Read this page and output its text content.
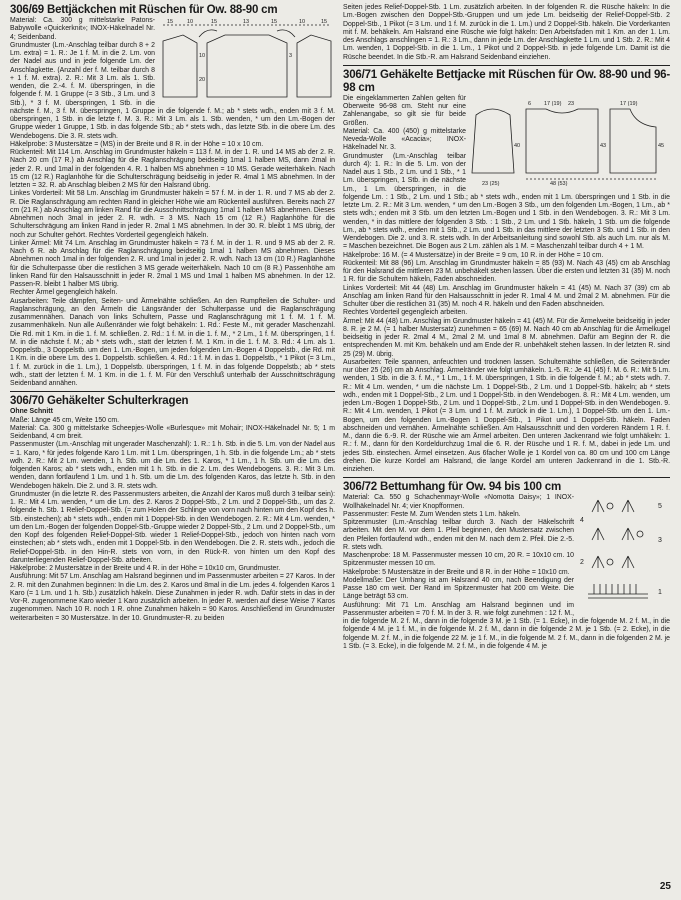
306/69 Bettjäckchen mit Rüschen für Ow. 88-90 cm

15	10	15	13	15	10	15
10
20
3

Material: Ca. 300 g mittelstarke Patons-Babywolle «Quickerknit»; INOX-Häkelnadel Nr. 4; Seidenband.

Grundmuster (Lm.-Anschlag teilbar durch 8 + 2 Lm. extra) = 1. R.: Je 1 f. M. in die 2. Lm. von der Nadel aus und in jede folgende Lm. der Anschlagkette. (Anzahl der f. M. teilbar durch 8 + 1 f. M. extra). 2. R.: Mit 3 Lm. als 1. Stb. wenden, die 2.-4. f. M. überspringen, in die folgende f. M. 1 Gruppe (= 3 Stb., 3 Lm. und 3 Stb.), * 3 f. M. überspringen, 1 Stb. in die nächste f. M., 3 f. M. überspringen, 1 Gruppe in die folgende f. M.; ab * stets wdh., enden mit 3 f. M. überspringen, 1 Stb. in die letzte f. M. 3. R.: Mit 3 Lm. als 1. Stb. wenden, * um den Lm.-Bogen der Gruppe wieder 1 Gruppe, 1 Stb. in das folgende Stb.; ab * stets wdh., das letzte Stb. in die obere Lm. des Wendebogens. Die 3. R. stets wdh.

Häkelprobe: 3 Mustersätze = (MS) in der Breite und 8 R. in der Höhe = 10 x 10 cm.

Rückenteil: Mit 114 Lm. Anschlag im Grundmuster häkeln = 113 f. M. in der 1. R. und 14 MS ab der 2. R. Nach 20 cm (17 R.) ab Anschlag für die Raglanschrägung beidseitig 1mal 1 halben MS, dann 2mal in jeder 2. R. und 1mal in der folgenden 4. R. 1 halben MS abnehmen = 10 MS. Gerade weiterhäkeln. Nach 15 cm (12 R.) Raglanhöhe für die Schulterschrägung beidseitig in jeder R. 4mal 1 MS abnehmen. In der letzten = 32. R. ab Anschlag bleiben 2 MS für den Halsrand übrig.

Linkes Vorderteil: Mit 58 Lm. Anschlag im Grundmuster häkeln = 57 f. M. in der 1. R. und 7 MS ab der 2. R. Die Raglanschrägung am rechten Rand in gleicher Höhe wie am Rückenteil ausführen. Bereits nach 27 cm (21 R.) ab Anschlag am linken Rand für die Ausschnittschrägung 1mal 1 halben MS abnehmen. Dieses Abnehmen noch 3mal in jeder 2. R. wdh. = 3 MS. Nach 15 cm (12 R.) Raglanhöhe für die Schulterschrägung am linken Rand in jeder R. 2mal 1 MS abnehmen. In der 30. R. bleibt 1 MS übrig, der noch zur Schulter gehört. Rechtes Vorderteil gegengleich häkeln.

Linker Ärmel: Mit 74 Lm. Anschlag im Grundmuster häkeln = 73 f. M. in der 1. R. und 9 MS ab der 2. R. Nach 6 R. ab Anschlag für die Raglanschrägung beidseitig 1mal 1 halben MS abnehmen. Dieses Abnehmen noch 1mal in der folgenden 2. R. und 1mal in jeder 2. R. wdh. Nach 13 cm (10 R.) Raglanhöhe für die Schulterpasse über die restlichen 3 MS gerade weiterhäkeln. Nach 10 cm (8 R.) Passenhöhe am linken Rand für den Halsausschnitt in jeder R. 2mal 1 MS und 1mal 1 halben MS abnehmen. In der 12. Passen-R. bleibt 1 halber MS übrig.

Rechter Ärmel gegengleich häkeln.

Ausarbeiten: Teile dämpfen, Seiten- und Ärmelnähte schließen. An den Rumpfteilen die Schulter- und Raglanschrägung, an den Ärmeln die Längsränder der Schulterpasse und die Raglanschrägung zusammennähen. Danach von links Schultern, Passe und Raglanschrägung mit 1 f. M. 1 f. M. zusammenhäkeln. Nun alle Außenränder wie folgt behäkeln: 1. Rd.: Feste M., mit gerader Maschenzahl. Die Rd. mit 1 Km. in die 1. f. M. schließen. 2. Rd.: 1 f. M. in die 1. f. M., * 2 Lm., 1 f. M. überspringen, 1 f. M. in die nächste f. M.; ab * stets wdh., statt der letzten f. M. 1 Km. in die 1. f. M. 3. Rd.: 4 Lm. als 1. Doppelstb., 3 Doppelstb. um den 1. Lm.-Bogen, um jeden folgenden Lm.-Bogen 4 Doppelstb., die Rd. mit 1 Km. in die obere Lm. des 1. Doppelstb. schließen. 4. Rd.: 1 f. M. in das 1. Doppelstb., * 1 Pikot (= 3 Lm., 1 f. M. zurück in die 1. Lm.), 1 Doppelstb. überspringen, 1 f. M. in das folgende Doppelstb.; ab * stets wdh., statt der letzten f. M. 1 Km. in die 1. f. M. Für den Verschluß unterhalb der Ausschnittschrägung Seidenband annähen.

306/70 Gehäkelter Schulterkragen

Ohne Schnitt

Maße: Länge 45 cm, Weite 150 cm.

Material: Ca. 300 g mittelstarke Scheepjes-Wolle «Burlesque» mit Mohair; INOX-Häkelnadel Nr. 5; 1 m Seidenband, 4 cm breit.

Passenmuster (Lm.-Anschlag mit ungerader Maschenzahl): 1. R.: 1 h. Stb. in die 5. Lm. von der Nadel aus = 1. Karo, * für jedes folgende Karo 1 Lm. mit 1 Lm. überspringen, 1 h. Stb. in die folgende Lm.; ab * stets wdh. 2. R.: Mit 2 Lm. wenden, 1 h. Stb. um die Lm. des 1. Karos, * 1 Lm., 1 h. Stb. um die Lm. des folgenden Karos; ab * stets wdh., enden mit 1 h. Stb. in die 2. Lm. des Wendebogens. 3. R.: Mit 3 Lm. wenden, dann fortlaufend 1 Lm. und 1 h. Stb. um die Lm. des folgenden Karos, das letzte h. Stb. in den Wendebogen häkeln. Die 2. und 3. R. stets wdh.

Grundmuster (in die letzte R. des Passenmusters arbeiten, die Anzahl der Karos muß durch 3 teilbar sein): 1. R.: Mit 4 Lm. wenden, * um die Lm. des 2. Karos 2 Doppel-Stb., 2 Lm. und 2 Doppel-Stb., um das 2. folgende h. Stb. 1 Relief-Doppel-Stb. (= zum Holen der Schlinge von vorn nach hinten um den Kopf des h. Stb. einstechen); ab * stets wdh., enden mit 1 Doppel-Stb. in den Wendebogen. 2. R.: Mit 4 Lm. wenden, * um den Lm.-Bogen der folgenden Doppel-Stb.-Gruppe wieder 2 Doppel-Stb., 2 Lm. und 2 Doppel-Stb., um den Kopf des folgenden Relief-Doppel-Stb. wieder 1 Relief-Doppel-Stb., jedoch von hinten nach vorn einstechen; ab * stets wdh., enden mit 1 Doppel-Stb. in den Wendebogen. Die 2. R. stets wdh., jedoch die Relief-Doppel-Stb. in den Hin-R. stets von vorn, in den Rück-R. von hinten um den Kopf des darunterliegenden Relief-Doppel-Stb. arbeiten.

Häkelprobe: 2 Mustersätze in der Breite und 4 R. in der Höhe = 10x10 cm, Grundmuster.

Ausführung: Mit 57 Lm. Anschlag am Halsrand beginnen und im Passenmuster arbeiten = 27 Karos. In der 2. R. mit den Zunahmen beginnen: In die Lm. des 2. Karos und 8mal in die Lm. jedes 4. folgenden Karos 1 Karo (= 1 Lm. und 1 h. Stb.) zusätzlich häkeln. Diese Zunahmen in jeder R. wdh. Dafür stets in das in der Vor-R. zugenommene Karo wieder 1 Karo zusätzlich arbeiten. In jeder R. werden auf diese Weise 7 Karos zugenommen. Nach 10 R. noch 1 R. ohne Zunahmen häkeln = 90 Karos. Anschließend im Grundmuster weiterarbeiten = 30 Mustersätze. In der 10. Grundmuster-R. zu beiden

Seiten jedes Relief-Doppel-Stb. 1 Lm. zusätzlich arbeiten. In der folgenden R. die Rüsche häkeln: In die Lm.-Bogen zwischen den Doppel-Stb.-Gruppen und um jede Lm. beidseitig der Relief-Doppel-Stb. 2 Doppel-Stb., 1 Pikot (= 3 Lm. und 1 f. M. zurück in die 1. Lm.) und 2 Doppel-Stb. häkeln. Die Vorderkanten mit f. M. behäkeln. Am Halsrand eine Rüsche wie folgt häkeln: Den Arbeitsfaden mit 1 Km. an der 1. Lm. des Anschlags anschlingen = 1. R.: 3 Lm., dann in jede Lm. der Anschlagkette 1 Lm. und 1 Stb. 2. R.: Mit 4 Lm. wenden, 1 Doppel-Stb. in die 1. Lm., 1 Pikot und 2 Doppel-Stb. in jede folgende Lm. Damit ist die Rüsche beendet. In die Stb.-R. am Halsrand Seidenband einziehen.

306/71 Gehäkelte Bettjacke mit Rüschen für Ow. 88-90 und 96-98 cm

6 17 (19) 23	17 (19)
23 (25)	48 (53)
40	43	45

Die eingeklammerten Zahlen gelten für Oberweite 96-98 cm. Steht nur eine Zahlenangabe, so gilt sie für beide Größen.

Material: Ca. 400 (450) g mittelstarke Neveda-Wolle «Acacia»; INOX-Häkelnadel Nr. 3.

Grundmuster (Lm.-Anschlag teilbar durch 4): 1. R.: In die 5. Lm. von der Nadel aus 1 Stb., 2 Lm. und 1 Stb., * 1 Lm. überspringen, 1 Stb. in die nächste Lm., 1 Lm. überspringen, in die folgende Lm. : 1 Stb., 2 Lm. und 1 Stb.; ab * stets wdh., enden mit 1 Lm. überspringen und 1 Stb. in die letzte Lm. 2. R.: Mit 3 Lm. wenden, * um den Lm.-Bogen 3 Stb., um den folgenden Lm.-Bogen, 1 Lm., ab * stets wdh.; enden mit 3 Stb. um den letzten Lm.-Bogen und 1 Stb. in den Wendebogen. 3. R.: Mit 3 Lm. wenden, * in das mittlere der folgenden 3 Stb. : 1 Stb., 2 Lm. und 1 Stb. häkeln, 1 Stb. um die folgende Lm., ab * stets wdh., enden mit 1 Stb., 2 Lm. und 1 Stb. in das mittlere der letzten 3 Stb. und 1 Stb. in den Wendebogen. Die 2. und 3. R. stets wdh. In der Arbeitsanleitung sind sowohl Stb. als auch Lm. nur als M. = Maschen bezeichnet. Die Bogen aus 2 Lm. zählen als 1 M. = Maschenzahl teilbar durch 4 + 1 M.

Häkelprobe: 16 M. (= 4 Mustersätze) in der Breite = 9 cm, 10 R. in der Höhe = 10 cm.

Rückenteil: Mit 88 (96) Lm. Anschlag im Grundmuster häkeln = 85 (93) M. Nach 43 (45) cm ab Anschlag für den Halsrand die mittleren 23 M. unbehäkelt stehen lassen. Über die ersten und letzten 31 (35) M. noch 1 R. für die Schultern häkeln, Faden abschneiden.

Linkes Vorderteil: Mit 44 (48) Lm. Anschlag im Grundmuster häkeln = 41 (45) M. Nach 37 (39) cm ab Anschlag am linken Rand für den Halsausschnitt in jeder R. 1mal 4 M. und 2mal 2 M. abnehmen. Für die Schulter über die restlichen 31 (35) M. noch 4 R. häkeln und den Faden abschneiden.

Rechtes Vorderteil gegengleich arbeiten.

Ärmel: Mit 44 (48) Lm. Anschlag im Grundmuster häkeln = 41 (45) M. Für die Ärmelweite beidseitig in jeder 8. R. je 2 M. (= 1 halber Mustersatz) zunehmen = 65 (69) M. Nach 40 cm ab Anschlag für die Ärmelkugel beidseitig in jeder R. 2mal 4 M., 2mal 2 M. und 1mal 8 M. abnehmen. Dafür am Beginn der R. die entsprechenden M. mit Km. behäkeln und am Ende der R. unbehäkelt stehen lassen. In der letzten R. sind 25 (29) M. übrig.

Ausarbeiten: Teile spannen, anfeuchten und trocknen lassen. Schulternähte schließen, die Seitenränder nur über 25 (26) cm ab Anschlag. Ärmelränder wie folgt umhäkeln. 1.-5. R.: Je 41 (45) f. M. 6. R.: Mit 5 Lm. wenden, 1 Stb. in die 3. f. M., * 1 Lm., 1 f. M. überspringen, 1 Stb. in die folgende f. M.; ab * stets wdh. 7. R.: Mit 4 Lm. wenden, * um die nächste Lm. 1 Doppel-Stb., 2 Lm. und 1 Doppel-Stb. häkeln; ab * stets wdh., enden mit 1 Doppel-Stb., 2 Lm. und 1 Doppel-Stb. in den Wendebogen. 8. R.: Mit 4 Lm. wenden, um jeden Lm.-Bogen 1 Doppel-Stb., 2 Lm. und 1 Doppel-Stb., 2 Lm. und 1 Doppel-Stb. in den Wendebogen. 9. R.: Mit 4 Lm. wenden, 1 Pikot (= 3 Lm. und 1 f. M. zurück in die 1. Lm.), 1 Doppel-Stb. um den 1. Lm.-Bogen, um den folgenden Lm.-Bogen 1 Doppel-Stb., 1 Pikot und 1 Doppel-Stb. häkeln. Faden abschneiden und vernähen. Ärmelnähte schließen. Am Halsausschnitt und den vorderen Rändern 1 R. f. M., dann die 6.-9. R. der Rüsche wie am Ärmel arbeiten. Den unteren Jackenrand wie folgt umhäkeln: 1. R.: f. M., dann für den Kordeldurchzug 1mal die 6. R. der Rüsche und 1 R. f. M., dabei in jede Lm. und jedes Stb. einstechen. Ärmel einsetzen. Aus 6facher Wolle je 1 Kordel von ca. 80 cm und 100 cm Länge drehen. Die kurze Kordel am Halsrand, die lange Kordel am unteren Jackenrand in die 1. Stb.-R. einziehen.

306/72 Bettumhang für Ow. 94 bis 100 cm

5
4
3
2
1

Material: Ca. 550 g Schachenmayr-Wolle «Nomotta Daisy»; 1 INOX-Wollhäkelnadel Nr. 4; vier Knopfformen.

Passenmuster: Feste M. Zum Wenden stets 1 Lm. häkeln.

Spitzenmuster (Lm.-Anschlag teilbar durch 3. Nach der Häkelschrift arbeiten. Mit den M. vor dem 1. Pfeil beginnen, den Mustersatz zwischen den Pfeilen fortlaufend wdh., enden mit den M. nach dem 2. Pfeil. Die 2.-5. R. stets wdh.

Maschenprobe: 18 M. Passenmuster messen 10 cm, 20 R. = 10x10 cm. 10 Spitzenmuster messen 10 cm.

Häkelprobe: 5 Mustersätze in der Breite und 8 R. in der Höhe = 10x10 cm.

Modellmaße: Der Umhang ist am Halsrand 40 cm, nach Beendigung der Passe 180 cm weit. Der Rand im Spitzenmuster hat 200 cm Weite. Die Länge beträgt 53 cm.

Ausführung: Mit 71 Lm. Anschlag am Halsrand beginnen und im Passenmuster arbeiten = 70 f. M. In der 3. R. wie folgt zunehmen : 12 f. M., in die folgende M. 2 f. M., dann in die folgende 3 M. je 1 Stb. (= 1. Ecke), in die folgende M. 2 f. M., in die folgende 4 M. je 1 f. M., in die folgende M. 2 f. M., dann in die folgende 2 M. je 1 Stb. (= 2. Ecke), in die folgende M. 2 f. M., in die folgende 22 M. je 1 f. M., in die folgende M. 2 f. M., dann in die folgenden 2 M. je 1 Stb. (= 3. Ecke), in die folgende M. 2 f. M., in die folgende 4 M. je

25
